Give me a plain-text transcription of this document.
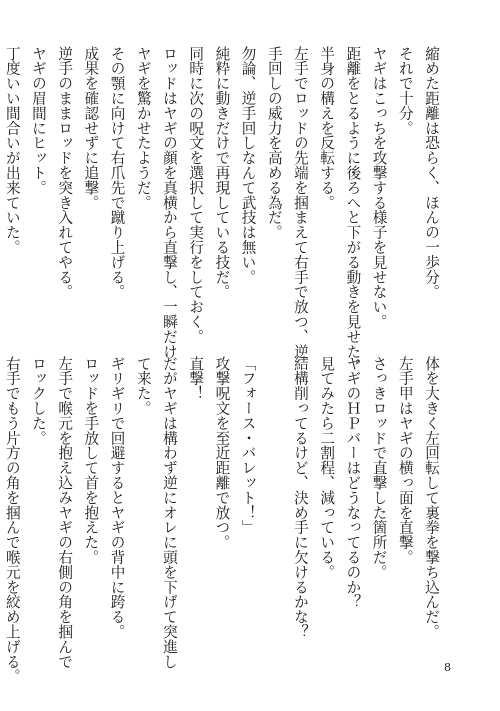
縮めた距離は恐らく、ほんの一歩分。

それで十分。

ヤギはこっちを攻撃する様子を見せない。

距離をとるように後ろへと下がる動きを見せた。

半身の構えを反転する。

左手でロッドの先端を掴まえて右手で放つ、逆

手回しの威力を高める為だ。

勿論、逆手回しなんて武技は無い。

純粋に動きだけで再現している技だ。

同時に次の呪文を選択して実行をしておく。

ロッドはヤギの顔を真横から直撃し、一瞬だけ

ヤギを驚かせたようだ。

その顎に向けて右爪先で蹴り上げる。

成果を確認せずに追撃。

逆手のままロッドを突き入れてやる。

ヤギの眉間にヒット。

丁度いい間合いが出来ていた。

体を大きく左回転して裏拳を撃ち込んだ。

左手甲はヤギの横っ面を直撃。

さっきロッドで直撃した箇所だ。

ヤギのＨＰバーはどうなってるのか？

見てみたら二割程、減っている。

結構削ってるけど、決め手に欠けるかな？

「フォース・バレット！」

攻撃呪文を至近距離で放つ。

直撃！

だがヤギは構わず逆にオレに頭を下げて突進し

て来た。

ギリギリで回避するとヤギの背中に跨る。

ロッドを手放して首を抱えた。

左手で喉元を抱え込みヤギの右側の角を掴んで

ロックした。

右手でもう片方の角を掴んで喉元を絞め上げる。	8
